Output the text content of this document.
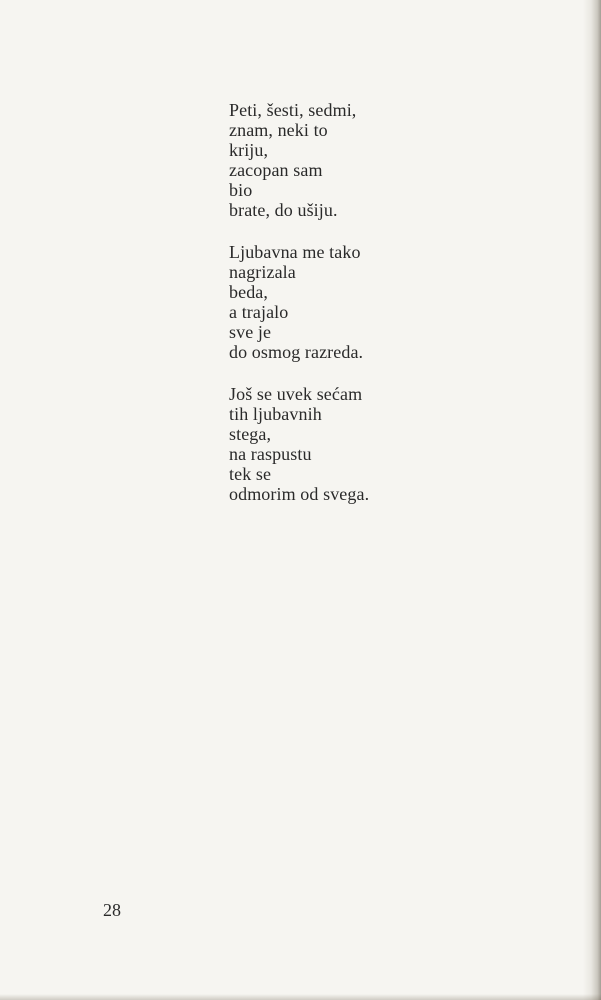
Peti, šesti, sedmi,
znam, neki to
kriju,
zacopan sam
bio
brate, do ušiju.
Ljubavna me tako
nagrizala
beda,
a trajalo
sve je
do osmog razreda.
Još se uvek sećam
tih ljubavnih
stega,
na raspustu
tek se
odmorim od svega.
28
